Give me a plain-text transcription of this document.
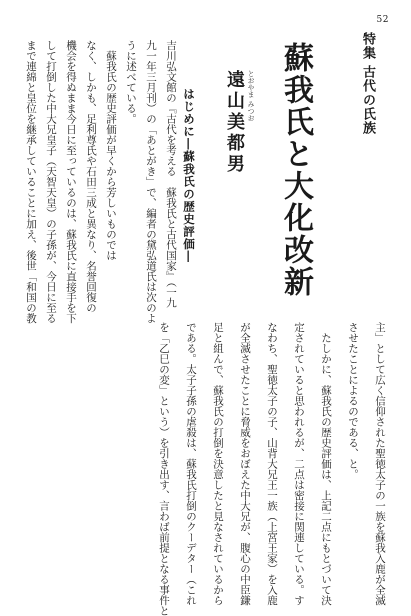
52
特集古代の氏族
蘇我氏と大化改新
とおやま みつお
遠山美都男
はじめに―蘇我氏の歴史評価―
吉川弘文館の『古代を考える　蘇我氏と古代国家』（一九
九一年三月刊）の「あとがき」で、編者の黛弘道氏は次のよ
うに述べている。
　蘇我氏の歴史評価が早くから芳しいものでは
なく、しかも、足利尊氏や石田三成と異なり、名誉回復の
機会を得ぬまま今日に至っているのは、蘇我氏に直接手を下
して打倒した中大兄皇子（天智天皇）の子孫が、今日に至る
まで連綿と皇位を継承していることに加え、後世「和国の教
主」として広く信仰された聖徳太子の一族を蘇我入鹿が全滅
させたことによるのである、と。
　たしかに、蘇我氏の歴史評価は、上記二点にもとづいて決
定されていると思われるが、二点は密接に関連している。す
なわち、聖徳太子の子、山背大兄王一族（上宮王家）を入鹿
が全滅させたことに脅威をおぼえた中大兄が、腹心の中臣鎌
足と組んで、蘇我氏の打倒を決意したと見なされているから
である。太子子孫の虐殺は、蘇我氏打倒のクーデター（これ
を「乙巳の変」という）を引き出す、言わば前提となる事件と
